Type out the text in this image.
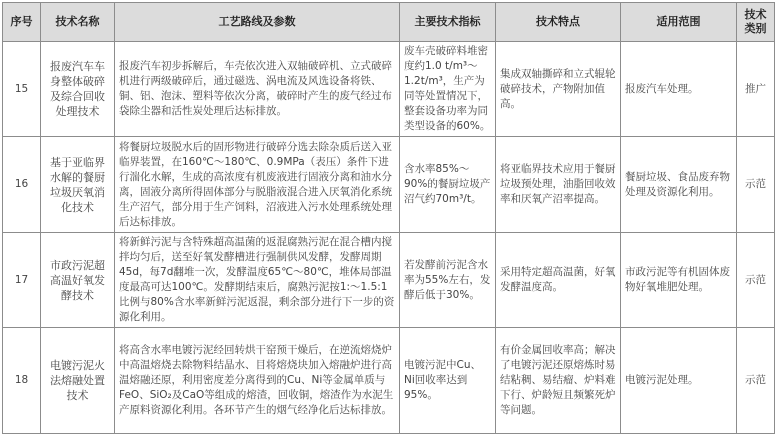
序号	技术名称	工艺路线及参数	主要技术指标	技术特点	适用范围	技术类别
15	报废汽车车身整体破碎及综合回收处理技术	报废汽车初步拆解后，车壳依次进入双轴破碎机、立式破碎机进行两级破碎后，通过磁选、涡电流及风选设备将铁、铜、铝、泡沫、塑料等依次分离，破碎时产生的废气经过布袋除尘器和活性炭处理后达标排放。	废车壳破碎料堆密度约1.0 t/m³～1.2t/m³，生产为同等处置情况下，整套设备功率为同类型设备的60%。	集成双轴撕碎和立式辊轮破碎技术，产物附加值高。	报废汽车处理。	推广
16	基于亚临界水解的餐厨垃圾厌氧消化技术	将餐厨垃圾脱水后的固形物进行破碎分选去除杂质后送入亚临界装置，在160℃～180℃、0.9MPa（表压）条件下进行湍化水解，生成的高浓度有机废液进行固液分离和油水分离，固液分离所得固体部分与脱脂液混合进入厌氧消化系统生产沼气，部分用于生产饲料，沼液进入污水处理系统处理后达标排放。	含水率85%～90%的餐厨垃圾产沼气约70m³/t。	将亚临界技术应用于餐厨垃圾预处理，油脂回收效率和厌氧产沼率提高。	餐厨垃圾、食品废弃物处理及资源化利用。	示范
17	市政污泥超高温好氧发酵技术	将新鲜污泥与含特殊超高温菌的返混腐熟污泥在混合槽内搅拌均匀后，送至好氧发酵槽进行强制供风发酵，发酵周期45d，每7d翻堆一次，发酵温度65℃～80℃，堆体局部温度最高可达100℃。发酵期结束后，腐熟污泥按1:～1.5:1比例与80%含水率新鲜污泥返混，剩余部分进行下一步的资源化利用。	若发酵前污泥含水率为55%左右，发酵后低于30%。	采用特定超高温菌，好氧发酵温度高。	市政污泥等有机固体废物好氧堆肥处理。	示范
18	电镀污泥火法熔融处置技术	将高含水率电镀污泥经回转烘干窑预干燥后，在逆流熔烧炉中高温熔烧去除物料结晶水、目将熔烧块加入熔融炉进行高温熔融还原，利用密度差分离得到的Cu、Ni等金属单质与FeO、SiO₂及CaO等组成的熔渣，回收铜，熔渣作为水泥生产原料资源化利用。各环节产生的烟气经净化后达标排放。	电镀污泥中Cu、Ni回收率达到95%。	有价金属回收率高；解决了电镀污泥还原熔炼时易结粘稠、易结瘤、炉料难下行、炉龄短且频繁死炉等问题。	电镀污泥处理。	示范
